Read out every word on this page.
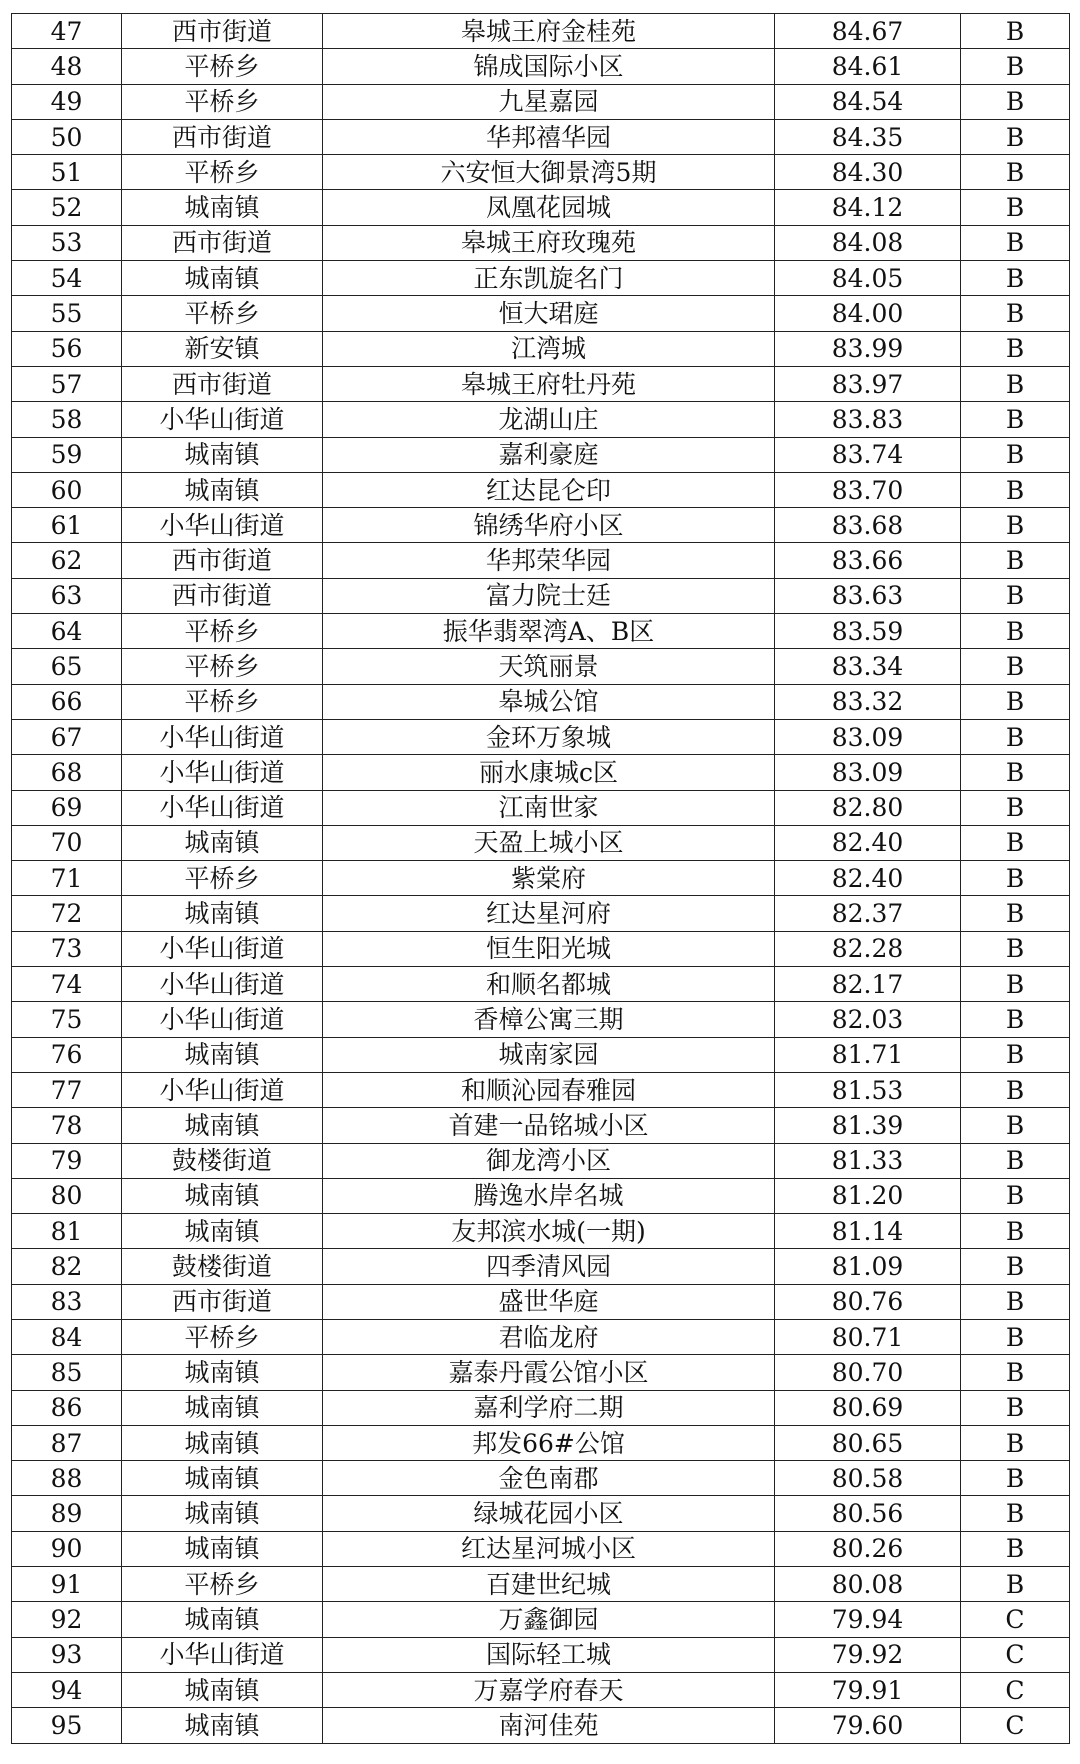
47	西市街道	皋城王府金桂苑	84.67	B
48	平桥乡	锦成国际小区	84.61	B
49	平桥乡	九星嘉园	84.54	B
50	西市街道	华邦禧华园	84.35	B
51	平桥乡	六安恒大御景湾5期	84.30	B
52	城南镇	凤凰花园城	84.12	B
53	西市街道	皋城王府玫瑰苑	84.08	B
54	城南镇	正东凯旋名门	84.05	B
55	平桥乡	恒大珺庭	84.00	B
56	新安镇	江湾城	83.99	B
57	西市街道	皋城王府牡丹苑	83.97	B
58	小华山街道	龙湖山庄	83.83	B
59	城南镇	嘉利豪庭	83.74	B
60	城南镇	红达昆仑印	83.70	B
61	小华山街道	锦绣华府小区	83.68	B
62	西市街道	华邦荣华园	83.66	B
63	西市街道	富力院士廷	83.63	B
64	平桥乡	振华翡翠湾A、B区	83.59	B
65	平桥乡	天筑丽景	83.34	B
66	平桥乡	皋城公馆	83.32	B
67	小华山街道	金环万象城	83.09	B
68	小华山街道	丽水康城c区	83.09	B
69	小华山街道	江南世家	82.80	B
70	城南镇	天盈上城小区	82.40	B
71	平桥乡	紫棠府	82.40	B
72	城南镇	红达星河府	82.37	B
73	小华山街道	恒生阳光城	82.28	B
74	小华山街道	和顺名都城	82.17	B
75	小华山街道	香樟公寓三期	82.03	B
76	城南镇	城南家园	81.71	B
77	小华山街道	和顺沁园春雅园	81.53	B
78	城南镇	首建一品铭城小区	81.39	B
79	鼓楼街道	御龙湾小区	81.33	B
80	城南镇	腾逸水岸名城	81.20	B
81	城南镇	友邦滨水城(一期)	81.14	B
82	鼓楼街道	四季清风园	81.09	B
83	西市街道	盛世华庭	80.76	B
84	平桥乡	君临龙府	80.71	B
85	城南镇	嘉泰丹霞公馆小区	80.70	B
86	城南镇	嘉利学府二期	80.69	B
87	城南镇	邦发66#公馆	80.65	B
88	城南镇	金色南郡	80.58	B
89	城南镇	绿城花园小区	80.56	B
90	城南镇	红达星河城小区	80.26	B
91	平桥乡	百建世纪城	80.08	B
92	城南镇	万鑫御园	79.94	C
93	小华山街道	国际轻工城	79.92	C
94	城南镇	万嘉学府春天	79.91	C
95	城南镇	南河佳苑	79.60	C
